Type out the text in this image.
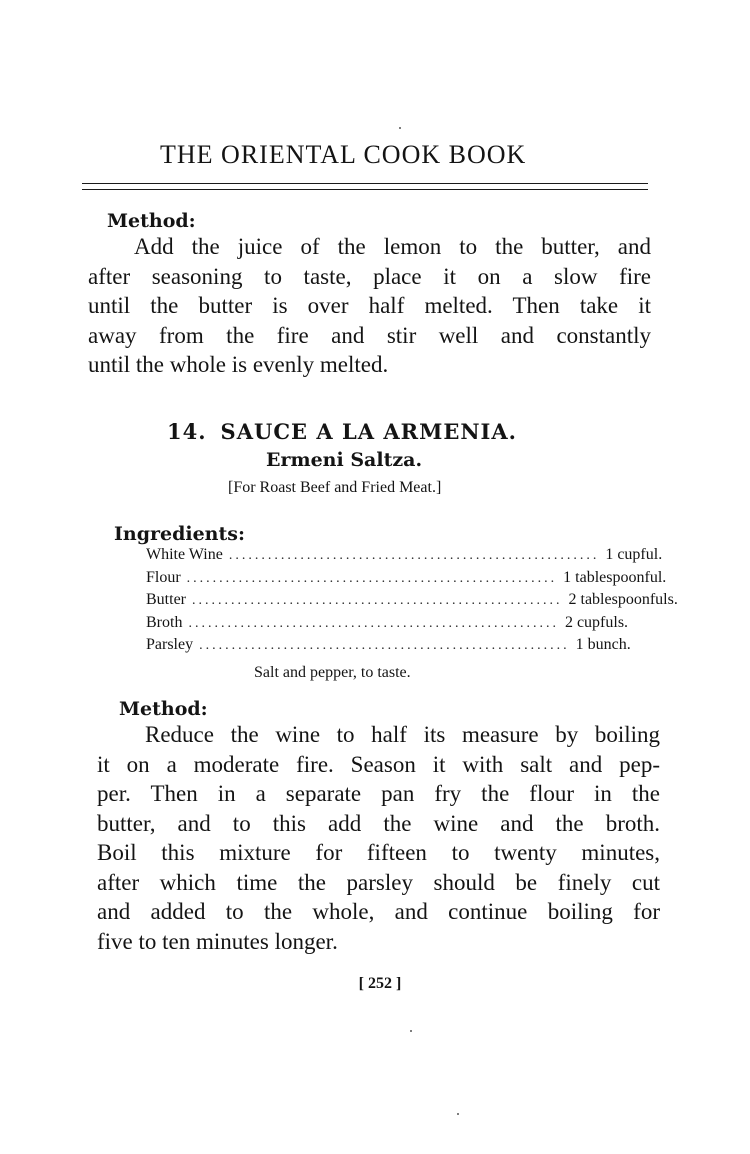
THE ORIENTAL COOK BOOK
Method:
Add the juice of the lemon to the butter, and
after seasoning to taste, place it on a slow fire
until the butter is over half melted. Then take it
away from the fire and stir well and constantly
until the whole is evenly melted.
14. SAUCE A LA ARMENIA.
Ermeni Saltza.
[For Roast Beef and Fried Meat.]
Ingredients:
White Wine ......................................................... 1 cupful.
Flour ......................................................... 1 tablespoonful.
Butter ......................................................... 2 tablespoonfuls.
Broth ......................................................... 2 cupfuls.
Parsley ......................................................... 1 bunch.
Salt and pepper, to taste.
Method:
Reduce the wine to half its measure by boiling
it on a moderate fire. Season it with salt and pep-
per. Then in a separate pan fry the flour in the
butter, and to this add the wine and the broth.
Boil this mixture for fifteen to twenty minutes,
after which time the parsley should be finely cut
and added to the whole, and continue boiling for
five to ten minutes longer.
[ 252 ]
